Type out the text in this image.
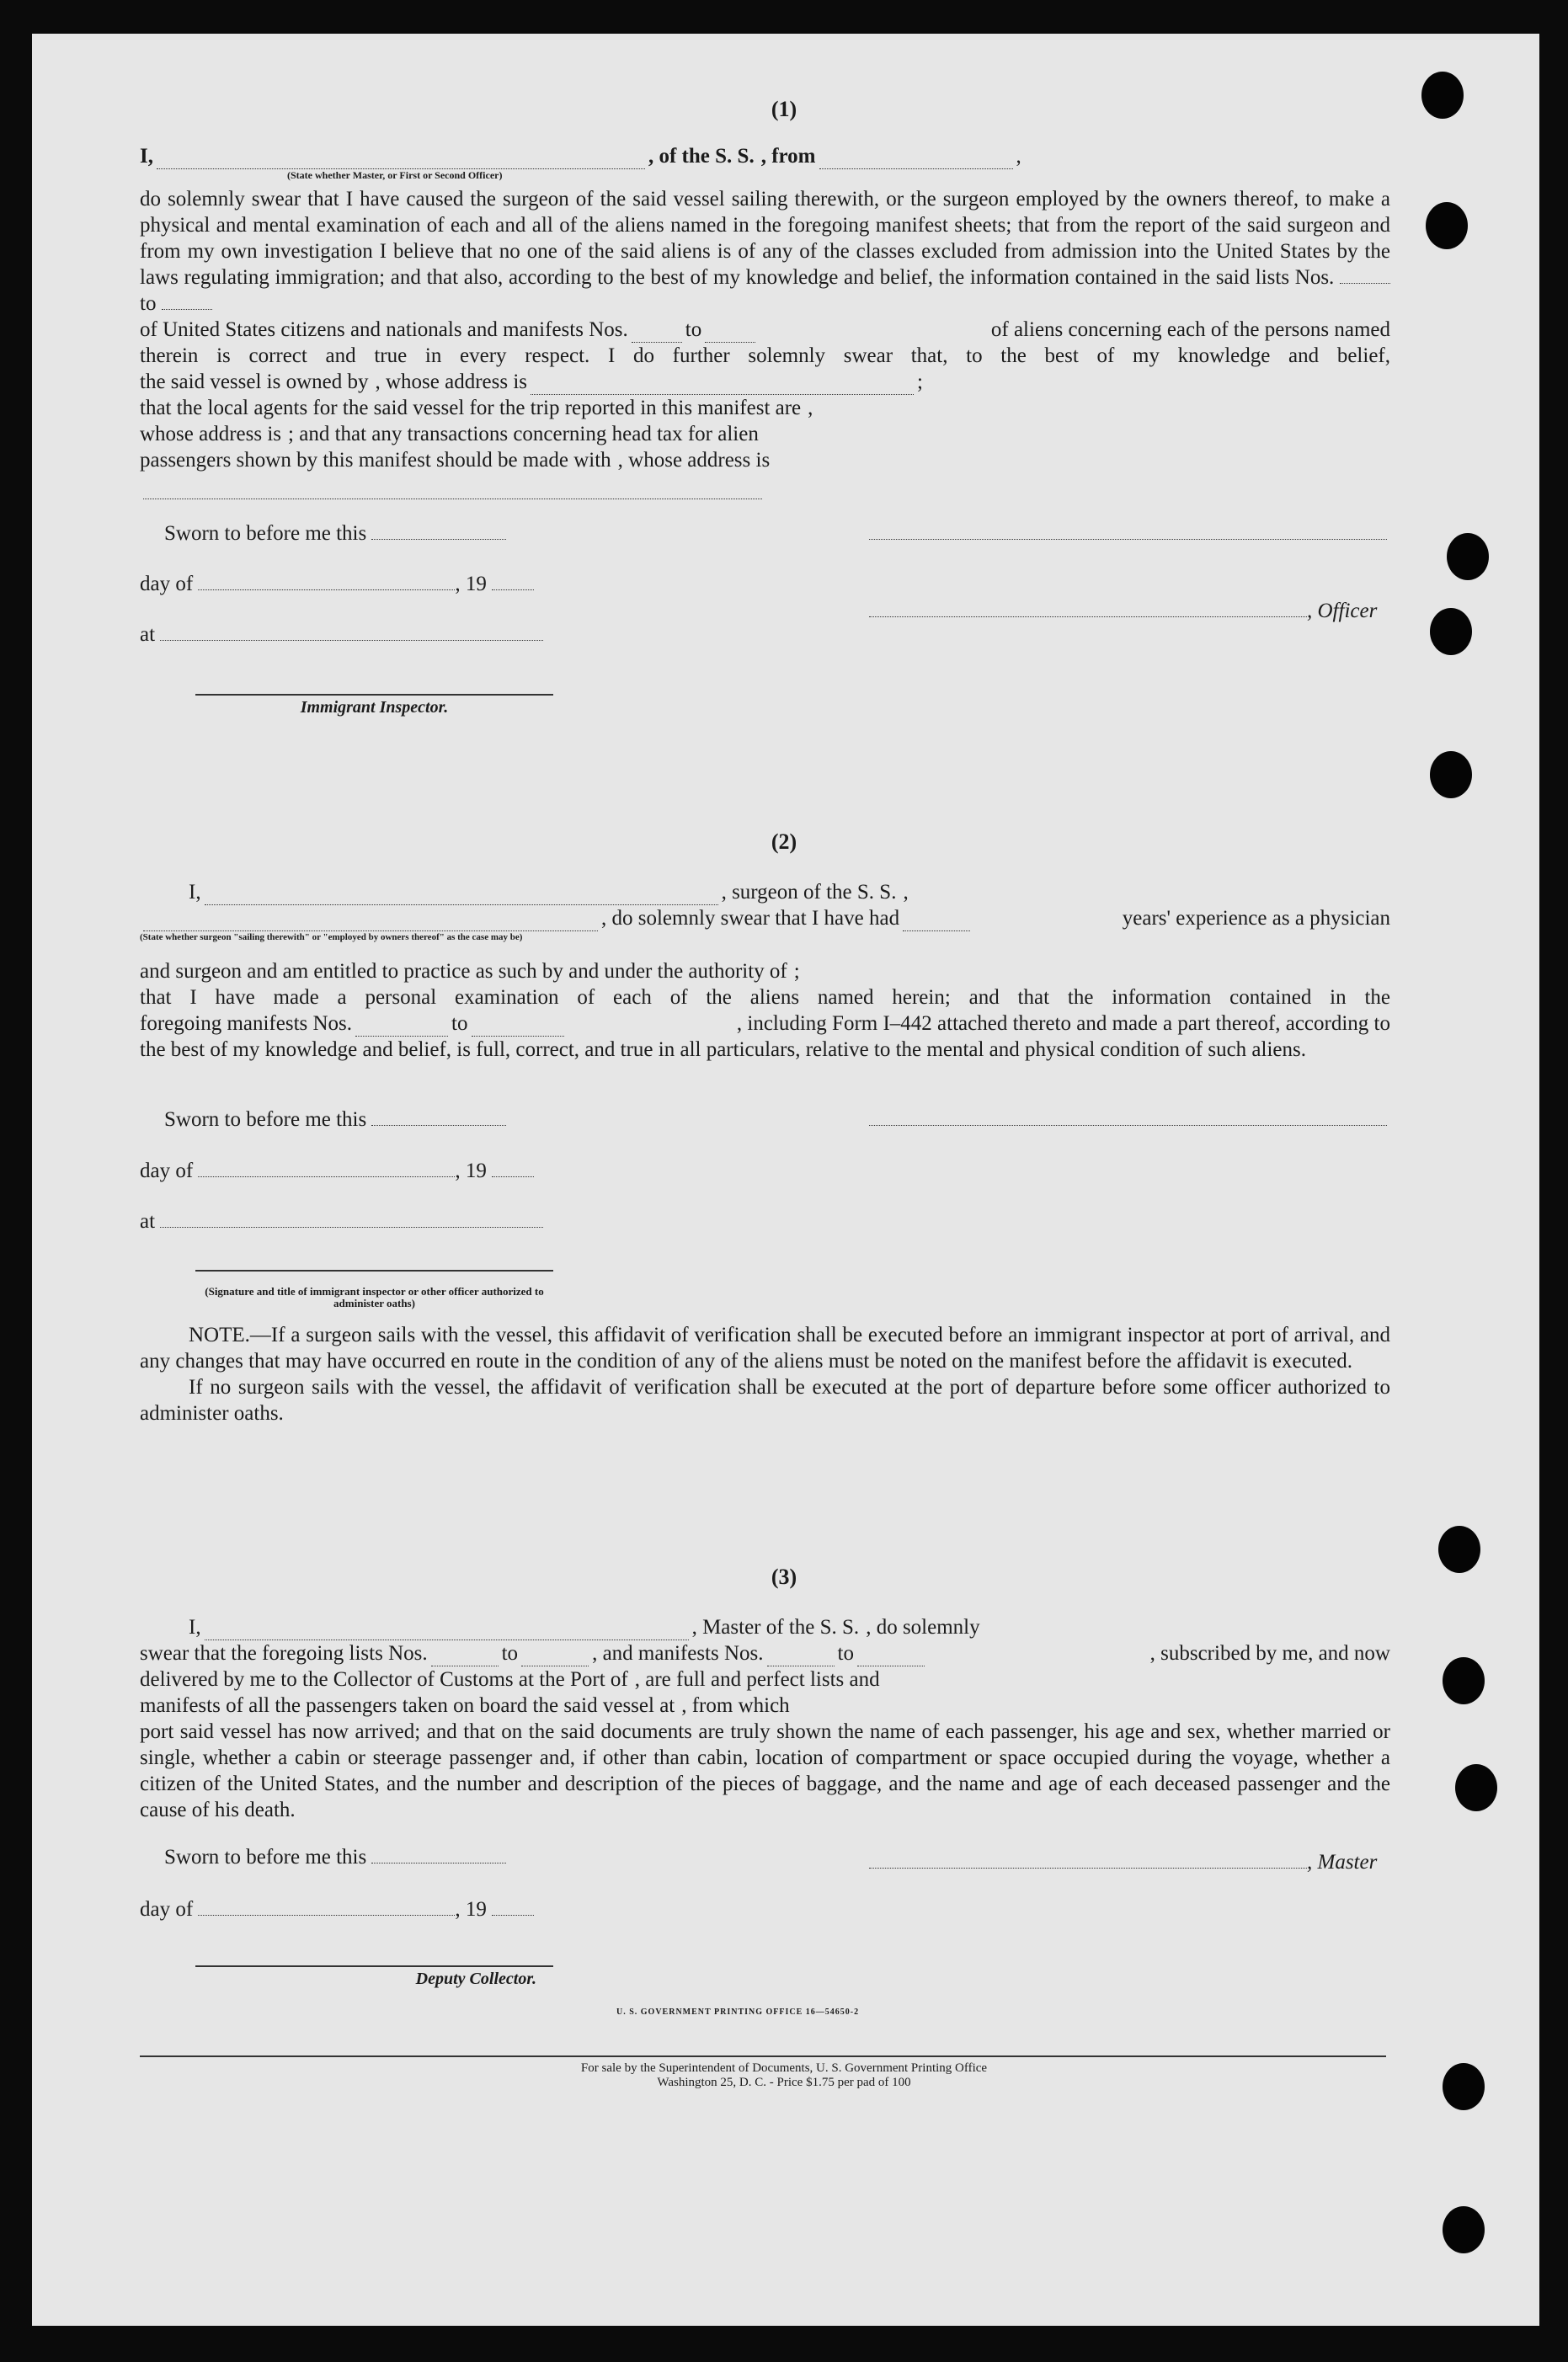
(1)
I,	, of the S. S. , from	,
(State whether Master, or First or Second Officer)

do solemnly swear that I have caused the surgeon of the said vessel sailing therewith, or the surgeon employed by the owners thereof, to make a physical and mental examination of each and all of the aliens named in the foregoing manifest sheets; that from the report of the said surgeon and from my own investigation I believe that no one of the said aliens is of any of the classes excluded from admission into the United States by the laws regulating immigration; and that also, according to the best of my knowledge and belief, the information contained in the said lists Nos.  to

of United States citizens and nationals and manifests Nos.	to	of aliens concerning each of the persons named
therein is correct and true in every respect. I do further solemnly swear that, to the best of my knowledge and belief,
the said vessel is owned by , whose address is	;
that the local agents for the said vessel for the trip reported in this manifest are ,
whose address is ; and that any transactions concerning head tax for alien
passengers shown by this manifest should be made with , whose address is
Sworn to before me this
day of	, 19
at
Immigrant Inspector.
, Officer
(2)
I,	, surgeon of the S. S. ,
, do solemnly swear that I have had	years' experience as a physician
(State whether surgeon "sailing therewith" or "employed by owners thereof" as the case may be)
and surgeon and am entitled to practice as such by and under the authority of ;
that I have made a personal examination of each of the aliens named herein; and that the information contained in the
foregoing manifests Nos.	to	, including Form I–442 attached thereto and made a part thereof, according to

the best of my knowledge and belief, is full, correct, and true in all particulars, relative to the mental and physical condition of such aliens.

Sworn to before me this
day of	, 19
at
(Signature and title of immigrant inspector or other officer authorized to administer oaths)

NOTE.—If a surgeon sails with the vessel, this affidavit of verification shall be executed before an immigrant inspector at port of arrival, and any changes that may have occurred en route in the condition of any of the aliens must be noted on the manifest before the affidavit is executed.

If no surgeon sails with the vessel, the affidavit of verification shall be executed at the port of departure before some officer authorized to administer oaths.

(3)
I,	, Master of the S. S. , do solemnly
swear that the foregoing lists Nos.	to	, and manifests Nos.	to	, subscribed by me, and now
delivered by me to the Collector of Customs at the Port of , are full and perfect lists and
manifests of all the passengers taken on board the said vessel at , from which

port said vessel has now arrived; and that on the said documents are truly shown the name of each passenger, his age and sex, whether married or single, whether a cabin or steerage passenger and, if other than cabin, location of compartment or space occupied during the voyage, whether a citizen of the United States, and the number and description of the pieces of baggage, and the name and age of each deceased passenger and the cause of his death.

Sworn to before me this	, Master
day of	, 19
Deputy Collector.
U. S. GOVERNMENT PRINTING OFFICE 16—54650-2
For sale by the Superintendent of Documents, U. S. Government Printing Office
Washington 25, D. C. - Price $1.75 per pad of 100
